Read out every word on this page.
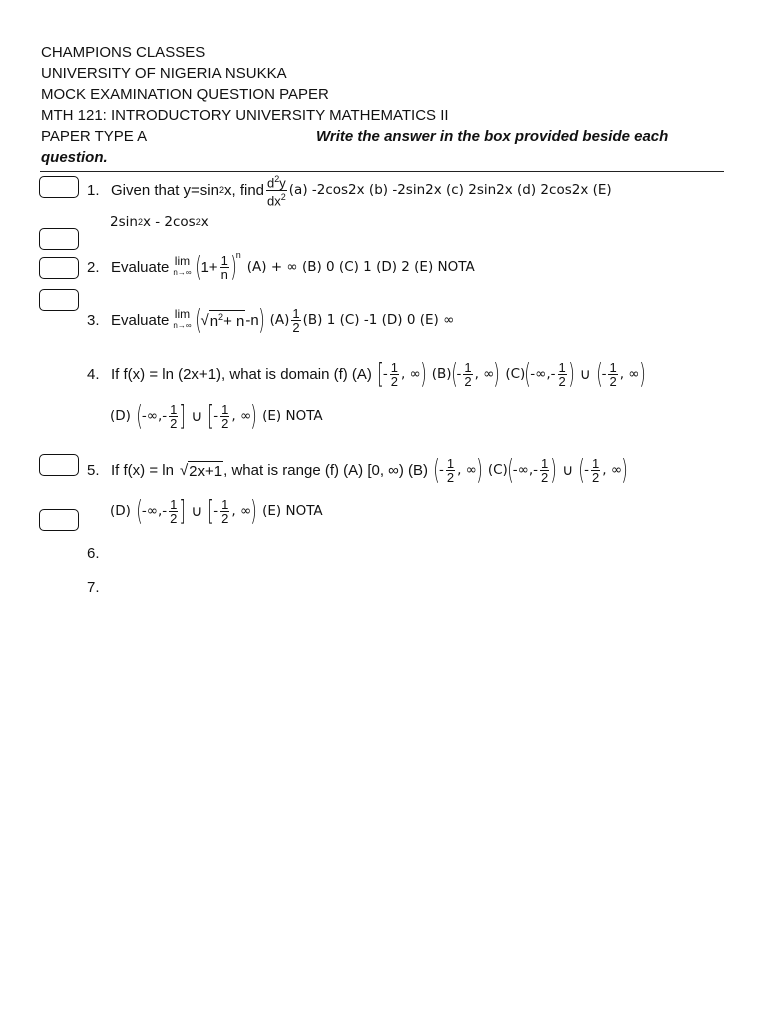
CHAMPIONS CLASSES
UNIVERSITY OF NIGERIA NSUKKA
MOCK EXAMINATION QUESTION PAPER
MTH 121: INTRODUCTORY UNIVERSITY MATHEMATICS II
PAPER TYPE A	Write the answer in the box provided beside each
question.
1. Given that y=sin 2 x, find $\frac{d^2y}{dx^2} (a)$ -2cos2x (b) -2sin2x (c) 2sin2x (d) 2cos2x (E)
2sin 2 x - 2cos 2 x
2. Evaluate lim
n→∞ ( $1+ \frac{1}{n}$ ) n
(A) + ∞ (B) 0 (C) 1 (D) 2 (E) NOTA
3. Evaluate lim
n→∞ ( √ $n^2+ n$ -n ) $(A) \frac{1}{2} (B)$ 1 (C) -1 (D) 0 (E) ∞
4. If f(x) = ln (2x+1), what is domain (f) (A) [ - $\frac{1}{2}$ , ∞ ) (B) ( - $\frac{1}{2}$ , ∞ ) (C) ( -∞,- $\frac{1}{2}$ ) ∪ ( - $\frac{1}{2}$ , ∞ )
(D) ( -∞,- $\frac{1}{2}$ ] ∪ [ - $\frac{1}{2}$ , ∞ ) (E) NOTA
5. If f(x) = ln √ 2x+1 , what is range (f) (A) [0, ∞) (B) ( - $\frac{1}{2}$ , ∞ ) (C) ( -∞,- $\frac{1}{2}$ ) ∪ ( - $\frac{1}{2}$ , ∞ )
(D) ( -∞,- $\frac{1}{2}$ ] ∪ [ - $\frac{1}{2}$ , ∞ ) (E) NOTA
6.
7.
